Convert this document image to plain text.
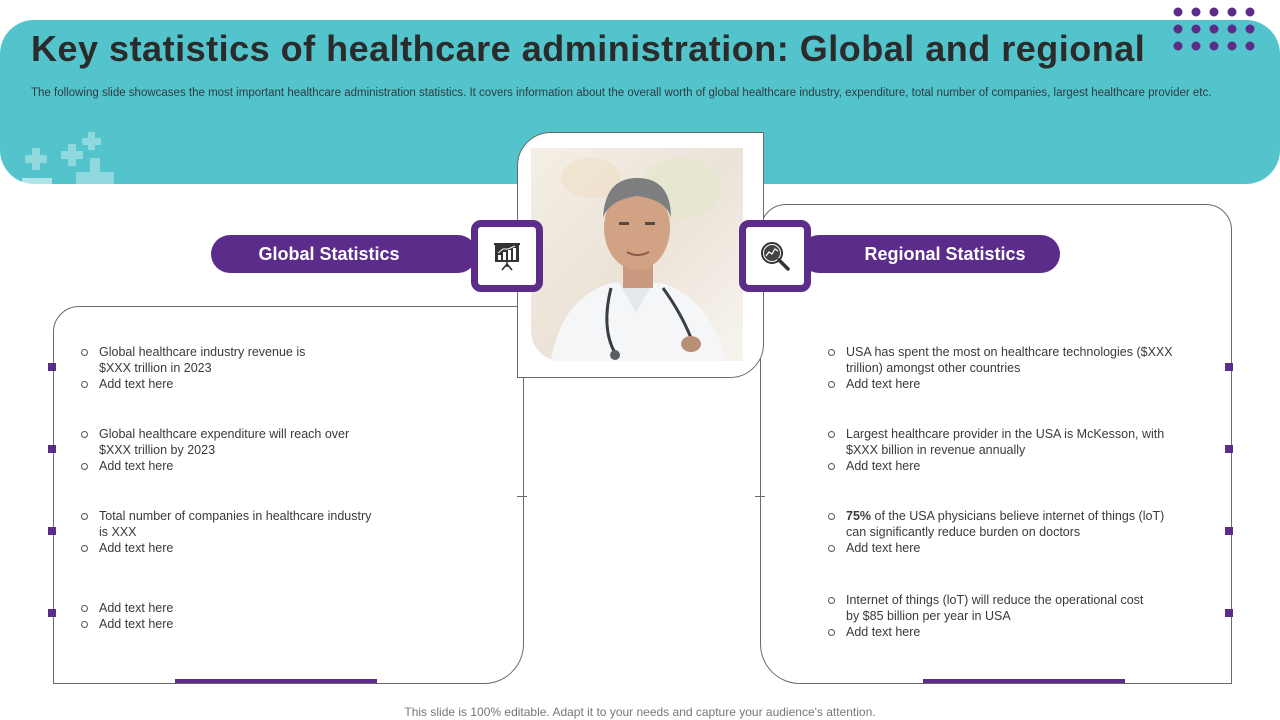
Key statistics of healthcare administration: Global and regional
The following slide showcases the most important healthcare administration statistics. It covers information about the overall worth of global healthcare industry, expenditure, total number of companies, largest healthcare provider etc.
Global Statistics	Regional Statistics
Global healthcare industry revenue is
$XXX trillion in 2023
Add text here
Global healthcare expenditure will reach over
$XXX trillion by 2023
Add text here
Total number of companies in healthcare industry
is XXX
Add text here
Add text here
Add text here
USA has spent the most on healthcare technologies ($XXX
trillion) amongst other countries
Add text here
Largest healthcare provider in the USA is McKesson, with
$XXX billion in revenue annually
Add text here
75% of the USA physicians believe internet of things (loT)
can significantly reduce burden on doctors
Add text here
Internet of things (loT) will reduce the operational cost
by $85 billion per year in USA
Add text here
This slide is 100% editable. Adapt it to your needs and capture your audience's attention.
